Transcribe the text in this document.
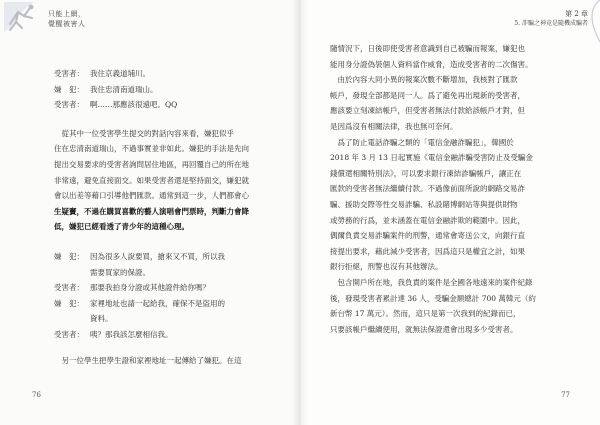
只能上網，
覺醒被害人
受害者： 我住京義道埔川。
嫌　犯： 我住忠清南道瑞山。
受害者： 啊……那應該很遠吧。QQ
　從其中一位受害學生提交的對話內容來看，嫌犯似乎
住在忠清南道瑞山，不過事實並非如此。嫌犯的手法是先向
提出交易要求的受害者詢問居住地區，再回覆自己的所在地
非常遠，避免直接面交。如果受害者還是堅持面交，嫌犯就
會以出差等藉口引導他們匯款。通常到這一步，人們都會心
生疑竇，不過在購買喜歡的藝人演唱會門票時，判斷力會降
低，嫌犯已經看透了青少年的這種心理。
嫌　犯： 因為很多人說要買，搶來又不買，所以我
需要買家的保證。
受害者： 那要我拍身分證或其他證件給你嗎？
嫌　犯： 家裡地址也請一起給我，確保不是盜用的
資料。
受害者： 咦？那我該怎麼相信我。
　另一位學生把學生證和家裡地址一起傳給了嫌犯。在這
76
第 2 章
5. 詐騙之神竟是隨機成騙者
隨情況下，日後即使受害者意識到自己被騙而報案，嫌犯也
能用身分證偽裝個人資料當作威脅，造成受害者的二次傷害。
　由於內容大同小異的報案次數不斷增加，我核對了匯款
帳戶，發現全部都是同一人。爲了避免再出現新的受害者，
應該要立刻凍結帳戶，但受害者無法付款給該帳戶才對，但
是因爲沒有相關法律，我也無可奈何。
　爲了防止電話詐騙之類的「電信金融詐騙犯」，韓國於
2018 年 3 月 13 日起實施《電信金融詐騙受害防止及受騙金
錢償還相關特別法》，可以要求銀行凍結詐騙帳戶，讓正在
匯款的受害者無法繼續付款。不過像前面所說的網路交易詐
騙、援助交際等性交易詐騙、私設賭博網站等與提供財物
或勞務的行爲，並未涵蓋在電信金融詐欺的範圍中。因此，
偶爾負責交易詐騙案件的刑警，通常會寄送公文，向銀行直
接提出要求，藉此減少受害者，因爲這只是權宜之計，如果
銀行拒絕，刑警也沒有其他辦法。
　包含開戶所在地，我負責的案件是全國各地遠來的案件紀錄
後，發現受害者累計達 36 人，受騙金額總計 700 萬韓元（約
新台幣 17 萬元）。然而，這只是第一次我到的紀錄而已，
只要該帳戶繼續使用，就無法保證還會出現多少受害者。
77
